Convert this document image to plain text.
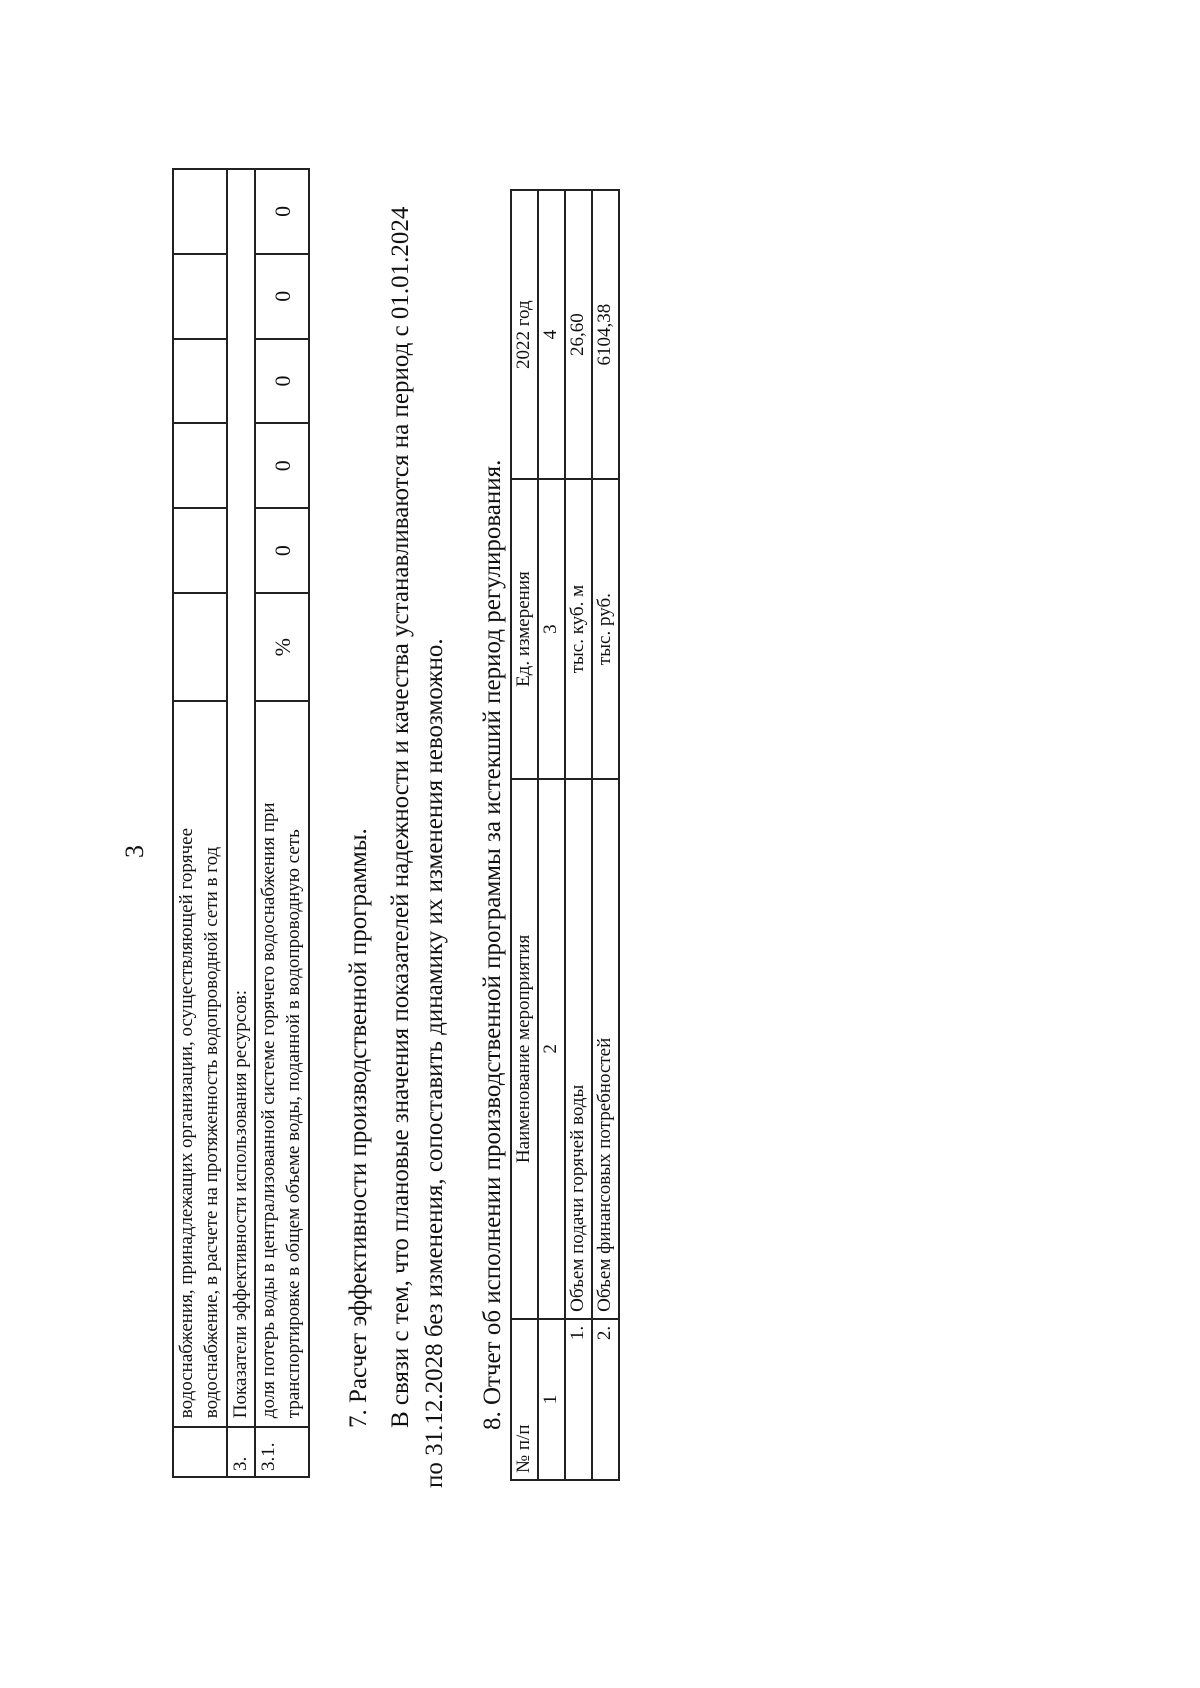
3

	водоснабжения, принадлежащих организации, осуществляющей горячее водоснабжение, в расчете на протяженность водопроводной сети в год						

3.	Показатели эффективности использования ресурсов:						
3.1.	доля потерь воды в централизованной системе горячего водоснабжения при транспортировке в общем объеме воды, поданной в водопроводную сеть	%	0	0	0	0	0
7. Расчет эффективности производственной программы. В связи с тем, что плановые значения показателей надежности и качества устанавливаются на период с 01.01.2024 по 31.12.2028 без изменения, сопоставить динамику их изменения невозможно. 8. Отчет об исполнении производственной программы за истекший период регулирования.
№ п/п	Наименование мероприятия	Ед. измерения	2022 год
1	2	3	4
1.	Объем подачи горячей воды	тыс. куб. м	26,60
2.	Объем финансовых потребностей	тыс. руб.	6104,38
